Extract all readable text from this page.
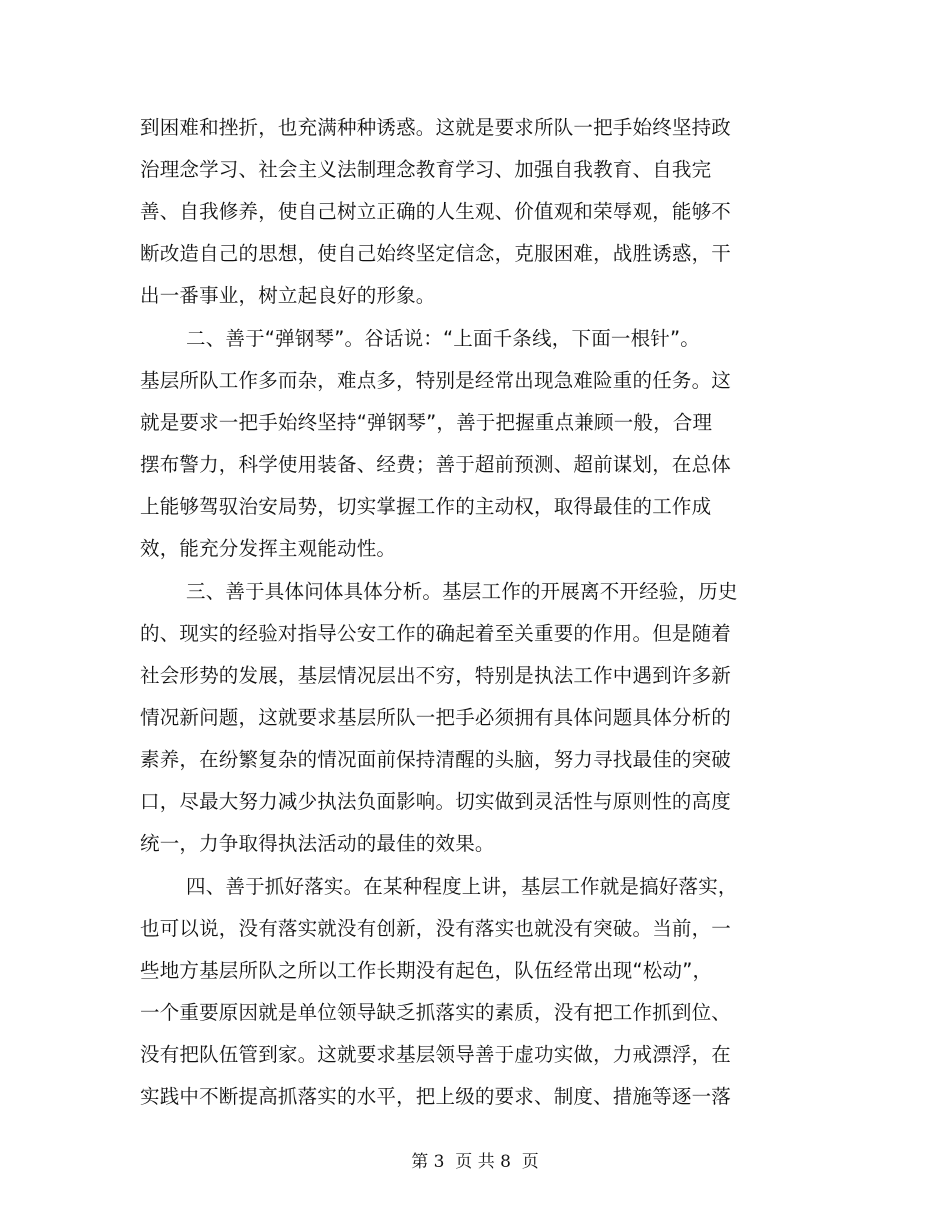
到困难和挫折，也充满种种诱惑。这就是要求所队一把手始终坚持政
治理念学习、社会主义法制理念教育学习、加强自我教育、自我完
善、自我修养，使自己树立正确的人生观、价值观和荣辱观，能够不
断改造自己的思想，使自己始终坚定信念，克服困难，战胜诱惑，干
出一番事业，树立起良好的形象。
二、善于“弹钢琴”。谷话说：“上面千条线，下面一根针”。
基层所队工作多而杂，难点多，特别是经常出现急难险重的任务。这
就是要求一把手始终坚持“弹钢琴”，善于把握重点兼顾一般，合理
摆布警力，科学使用装备、经费；善于超前预测、超前谋划，在总体
上能够驾驭治安局势，切实掌握工作的主动权，取得最佳的工作成
效，能充分发挥主观能动性。
三、善于具体问体具体分析。基层工作的开展离不开经验，历史
的、现实的经验对指导公安工作的确起着至关重要的作用。但是随着
社会形势的发展，基层情况层出不穷，特别是执法工作中遇到许多新
情况新问题，这就要求基层所队一把手必须拥有具体问题具体分析的
素养，在纷繁复杂的情况面前保持清醒的头脑，努力寻找最佳的突破
口，尽最大努力减少执法负面影响。切实做到灵活性与原则性的高度
统一，力争取得执法活动的最佳的效果。
四、善于抓好落实。在某种程度上讲，基层工作就是搞好落实，
也可以说，没有落实就没有创新，没有落实也就没有突破。当前，一
些地方基层所队之所以工作长期没有起色，队伍经常出现“松动”，
一个重要原因就是单位领导缺乏抓落实的素质，没有把工作抓到位、
没有把队伍管到家。这就要求基层领导善于虚功实做，力戒漂浮，在
实践中不断提高抓落实的水平，把上级的要求、制度、措施等逐一落
第 3  页 共 8  页
